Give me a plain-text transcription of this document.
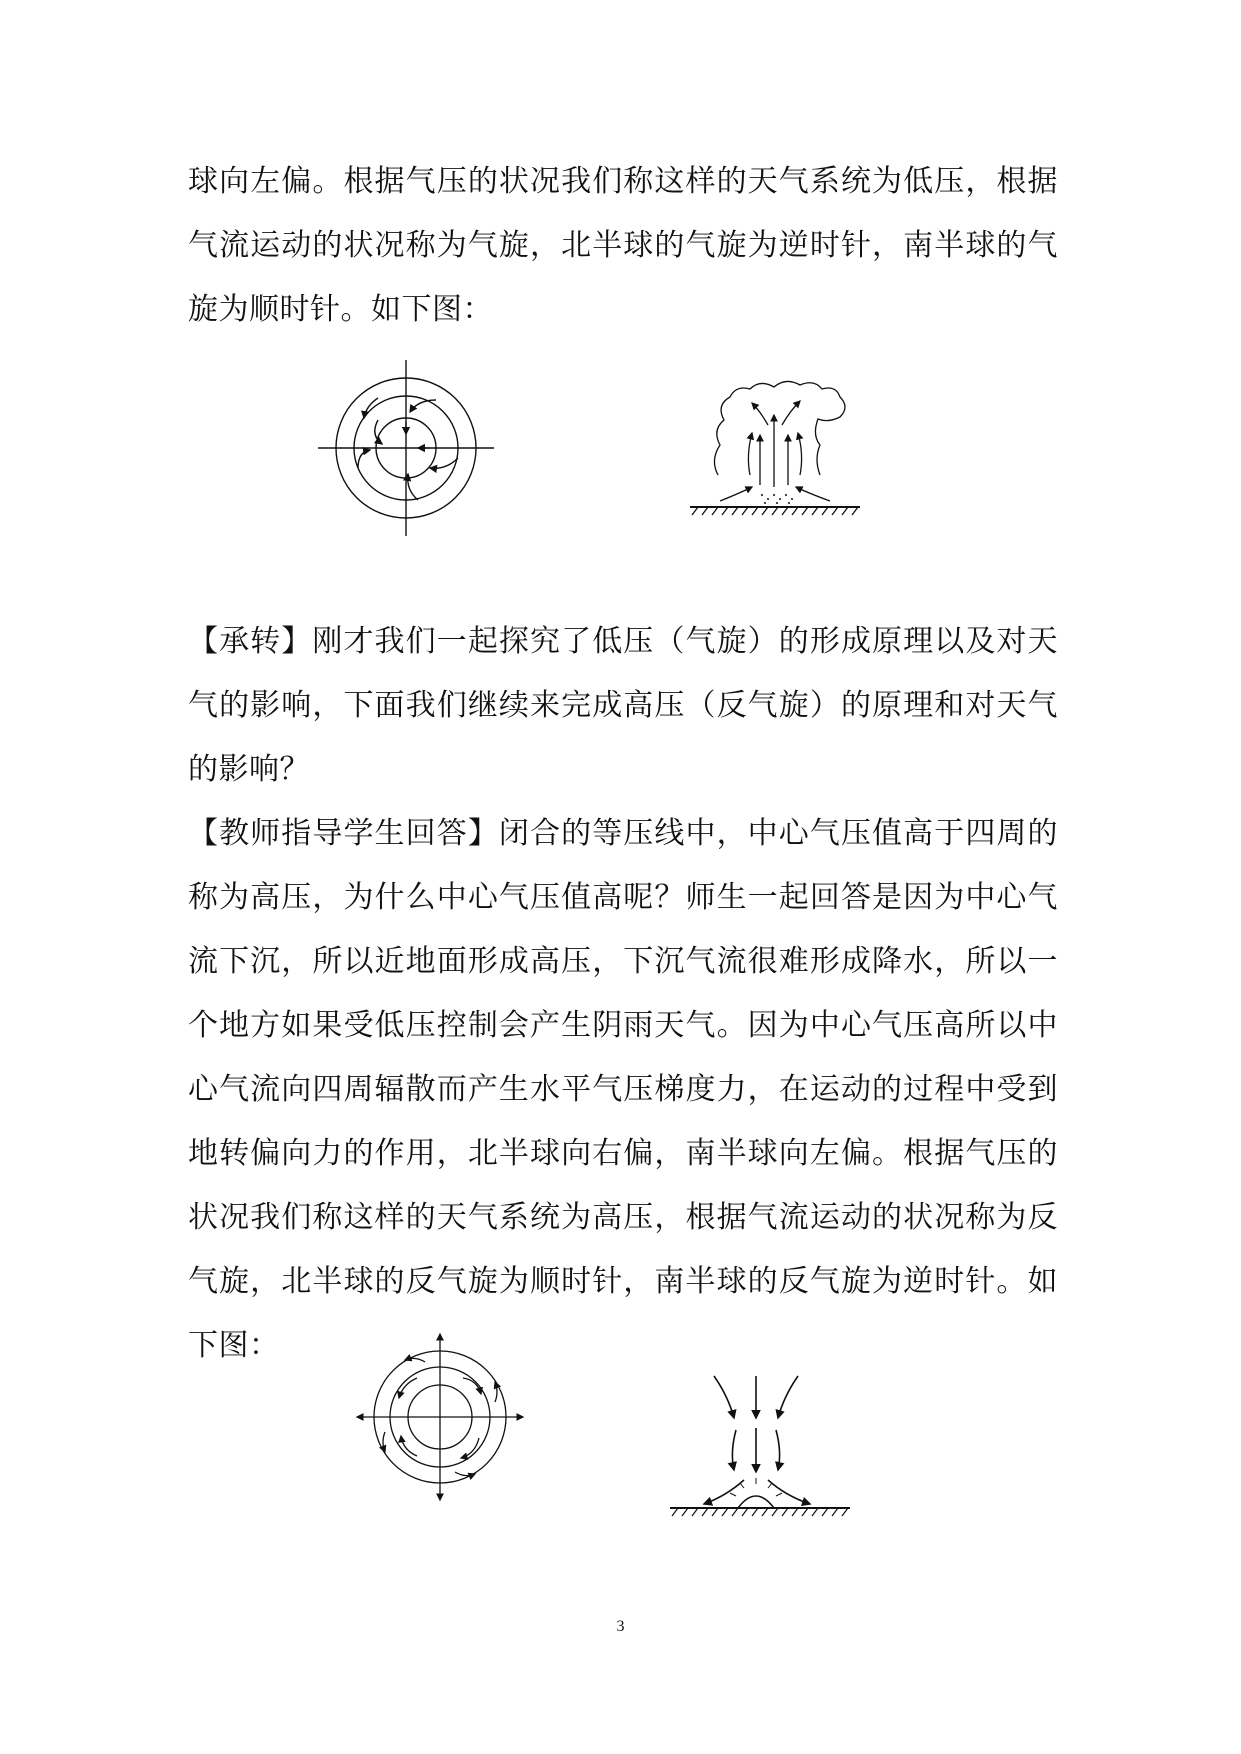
球向左偏。根据气压的状况我们称这样的天气系统为低压，根据气流运动的状况称为气旋，北半球的气旋为逆时针，南半球的气旋为顺时针。如下图：

【承转】刚才我们一起探究了低压（气旋）的形成原理以及对天气的影响，下面我们继续来完成高压（反气旋）的原理和对天气的影响？

【教师指导学生回答】闭合的等压线中，中心气压值高于四周的称为高压，为什么中心气压值高呢？师生一起回答是因为中心气流下沉，所以近地面形成高压，下沉气流很难形成降水，所以一个地方如果受低压控制会产生阴雨天气。因为中心气压高所以中心气流向四周辐散而产生水平气压梯度力，在运动的过程中受到地转偏向力的作用，北半球向右偏，南半球向左偏。根据气压的状况我们称这样的天气系统为高压，根据气流运动的状况称为反气旋，北半球的反气旋为顺时针，南半球的反气旋为逆时针。如下图：

3
